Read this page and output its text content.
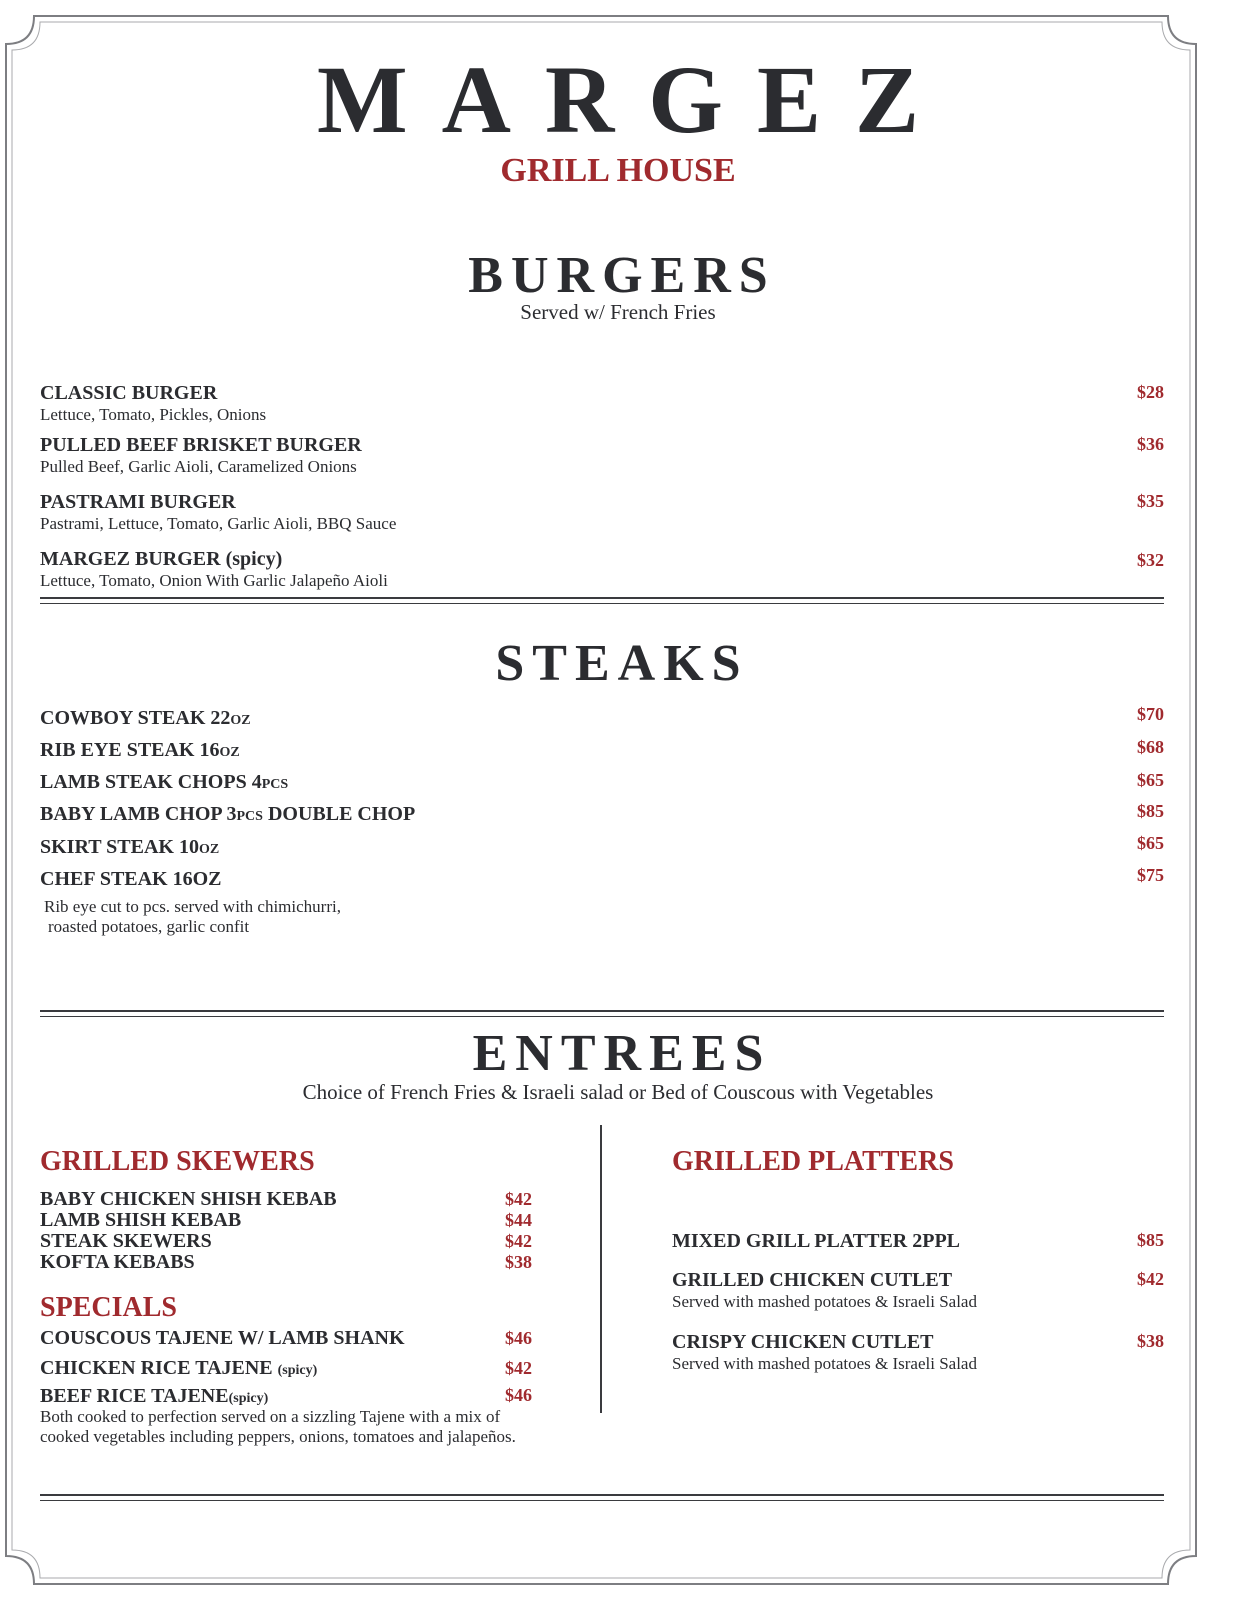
MARGEZ
GRILL HOUSE
BURGERS
Served w/ French Fries
CLASSIC BURGER
Lettuce, Tomato, Pickles, Onions
$28
PULLED BEEF BRISKET BURGER
Pulled Beef, Garlic Aioli, Caramelized Onions
$36
PASTRAMI BURGER
Pastrami, Lettuce, Tomato, Garlic Aioli, BBQ Sauce
$35
MARGEZ BURGER (spicy)
Lettuce, Tomato, Onion With Garlic Jalapeño Aioli
$32
STEAKS
COWBOY STEAK 22OZ	$70
RIB EYE STEAK 16OZ	$68
LAMB STEAK CHOPS 4PCS	$65
BABY LAMB CHOP 3PCS DOUBLE CHOP	$85
SKIRT STEAK 10OZ	$65
CHEF STEAK 16OZ	$75
Rib eye cut to pcs. served with chimichurri,
roasted potatoes, garlic confit
ENTREES
Choice of French Fries & Israeli salad or Bed of Couscous with Vegetables
GRILLED SKEWERS
BABY CHICKEN SHISH KEBAB	$42
LAMB SHISH KEBAB	$44
STEAK SKEWERS	$42
KOFTA KEBABS	$38
SPECIALS
COUSCOUS TAJENE W/ LAMB SHANK	$46
CHICKEN RICE TAJENE (spicy)	$42
BEEF RICE TAJENE(spicy)	$46
Both cooked to perfection served on a sizzling Tajene with a mix of
cooked vegetables including peppers, onions, tomatoes and jalapeños.
GRILLED PLATTERS
MIXED GRILL PLATTER 2PPL	$85
GRILLED CHICKEN CUTLET
Served with mashed potatoes & Israeli Salad
$42
CRISPY CHICKEN CUTLET
Served with mashed potatoes & Israeli Salad
$38
